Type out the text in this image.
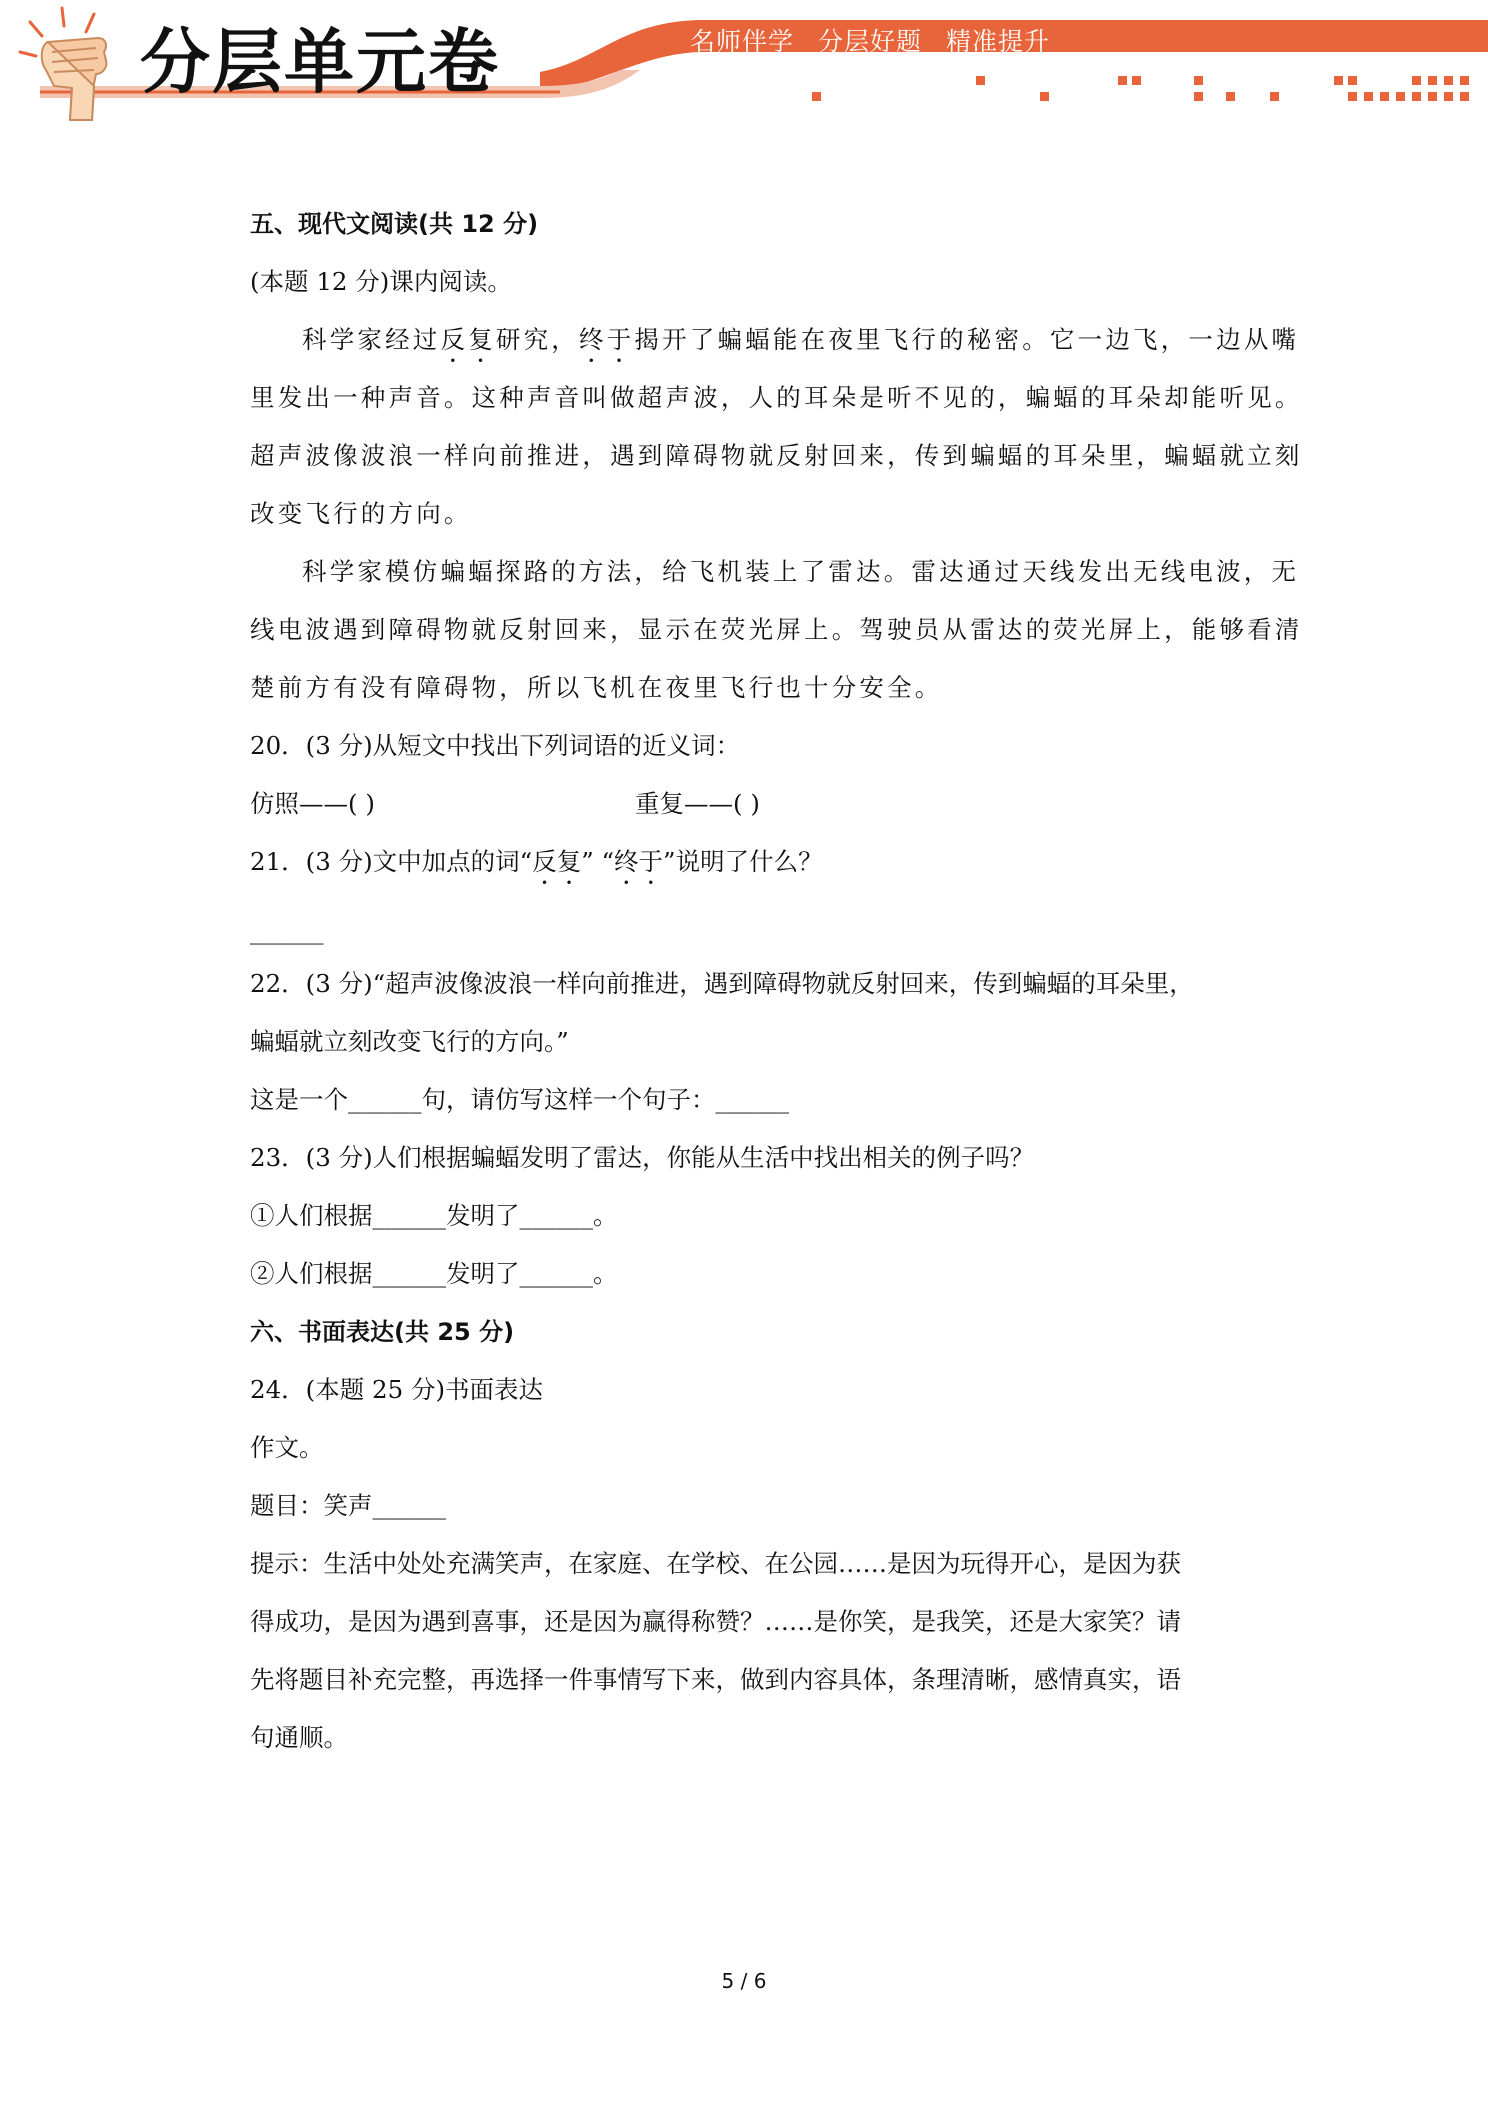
分层单元卷	名师伴学 分层好题 精准提升
五、现代文阅读(共 12 分)
(本题 12 分)课内阅读。
科学家经过反复研究，终于揭开了蝙蝠能在夜里飞行的秘密。它一边飞，一边从嘴
里发出一种声音。这种声音叫做超声波，人的耳朵是听不见的，蝙蝠的耳朵却能听见。
超声波像波浪一样向前推进，遇到障碍物就反射回来，传到蝙蝠的耳朵里，蝙蝠就立刻
改变飞行的方向。
科学家模仿蝙蝠探路的方法，给飞机装上了雷达。雷达通过天线发出无线电波，无
线电波遇到障碍物就反射回来，显示在荧光屏上。驾驶员从雷达的荧光屏上，能够看清
楚前方有没有障碍物，所以飞机在夜里飞行也十分安全。
20．(3 分)从短文中找出下列词语的近义词：
仿照——( )	重复——( )
21．(3 分)文中加点的词“反复” “终于”说明了什么？
______
22．(3 分)“超声波像波浪一样向前推进，遇到障碍物就反射回来，传到蝙蝠的耳朵里，
蝙蝠就立刻改变飞行的方向。”
这是一个______句，请仿写这样一个句子：______
23．(3 分)人们根据蝙蝠发明了雷达，你能从生活中找出相关的例子吗？
①人们根据______发明了______。
②人们根据______发明了______。
六、书面表达(共 25 分)
24．(本题 25 分)书面表达
作文。
题目：笑声______
提示：生活中处处充满笑声，在家庭、在学校、在公园……是因为玩得开心，是因为获
得成功，是因为遇到喜事，还是因为赢得称赞？……是你笑，是我笑，还是大家笑？请
先将题目补充完整，再选择一件事情写下来，做到内容具体，条理清晰，感情真实，语
句通顺。
5 / 6
